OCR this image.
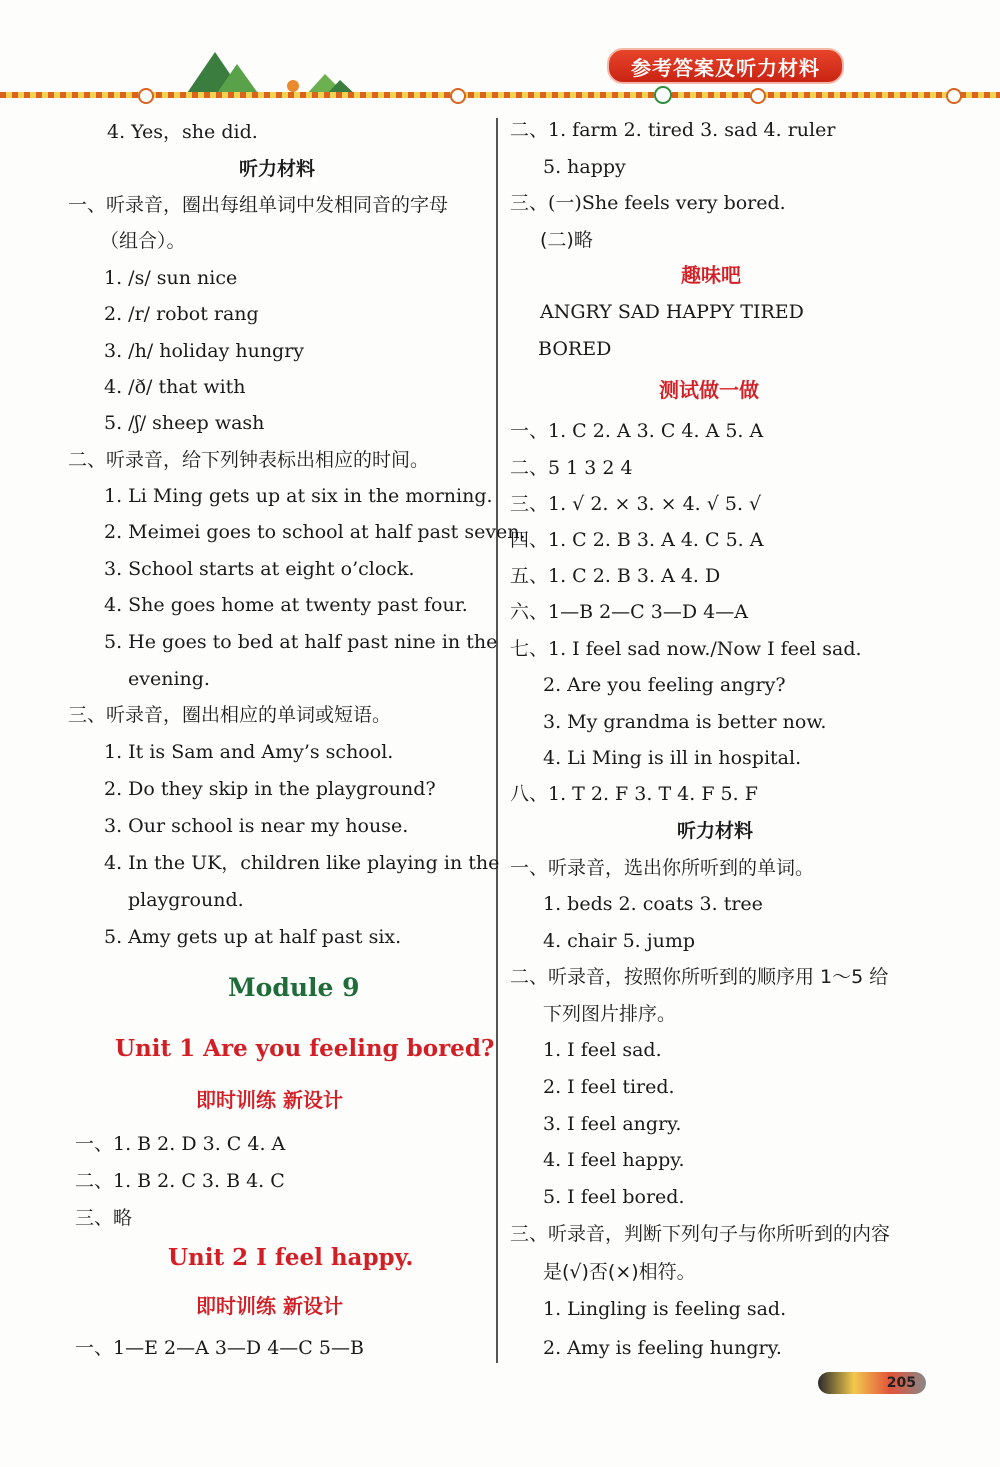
参考答案及听力材料
4. Yes，she did.
听力材料
一、听录音，圈出每组单词中发相同音的字母
（组合）。
1. /s/ sun nice
2. /r/ robot rang
3. /h/ holiday hungry
4. /ð/ that with
5. /ʃ/ sheep wash
二、听录音，给下列钟表标出相应的时间。
1. Li Ming gets up at six in the morning.
2. Meimei goes to school at half past seven.
3. School starts at eight o’clock.
4. She goes home at twenty past four.
5. He goes to bed at half past nine in the
evening.
三、听录音，圈出相应的单词或短语。
1. It is Sam and Amy’s school.
2. Do they skip in the playground?
3. Our school is near my house.
4. In the UK，children like playing in the
playground.
5. Amy gets up at half past six.
Module 9
Unit 1 Are you feeling bored?
即时训练 新设计
一、1. B 2. D 3. C 4. A
二、1. B 2. C 3. B 4. C
三、略
Unit 2 I feel happy.
即时训练 新设计
一、1—E 2—A 3—D 4—C 5—B
二、1. farm 2. tired 3. sad 4. ruler
5. happy
三、(一)She feels very bored.
(二)略
趣味吧
ANGRY SAD HAPPY TIRED
BORED
测试做一做
一、1. C 2. A 3. C 4. A 5. A
二、5 1 3 2 4
三、1. √ 2. × 3. × 4. √ 5. √
四、1. C 2. B 3. A 4. C 5. A
五、1. C 2. B 3. A 4. D
六、1—B 2—C 3—D 4—A
七、1. I feel sad now./Now I feel sad.
2. Are you feeling angry?
3. My grandma is better now.
4. Li Ming is ill in hospital.
八、1. T 2. F 3. T 4. F 5. F
听力材料
一、听录音，选出你所听到的单词。
1. beds 2. coats 3. tree
4. chair 5. jump
二、听录音，按照你所听到的顺序用 1～5 给
下列图片排序。
1. I feel sad.
2. I feel tired.
3. I feel angry.
4. I feel happy.
5. I feel bored.
三、听录音，判断下列句子与你所听到的内容
是(√)否(×)相符。
1. Lingling is feeling sad.
2. Amy is feeling hungry.
205
